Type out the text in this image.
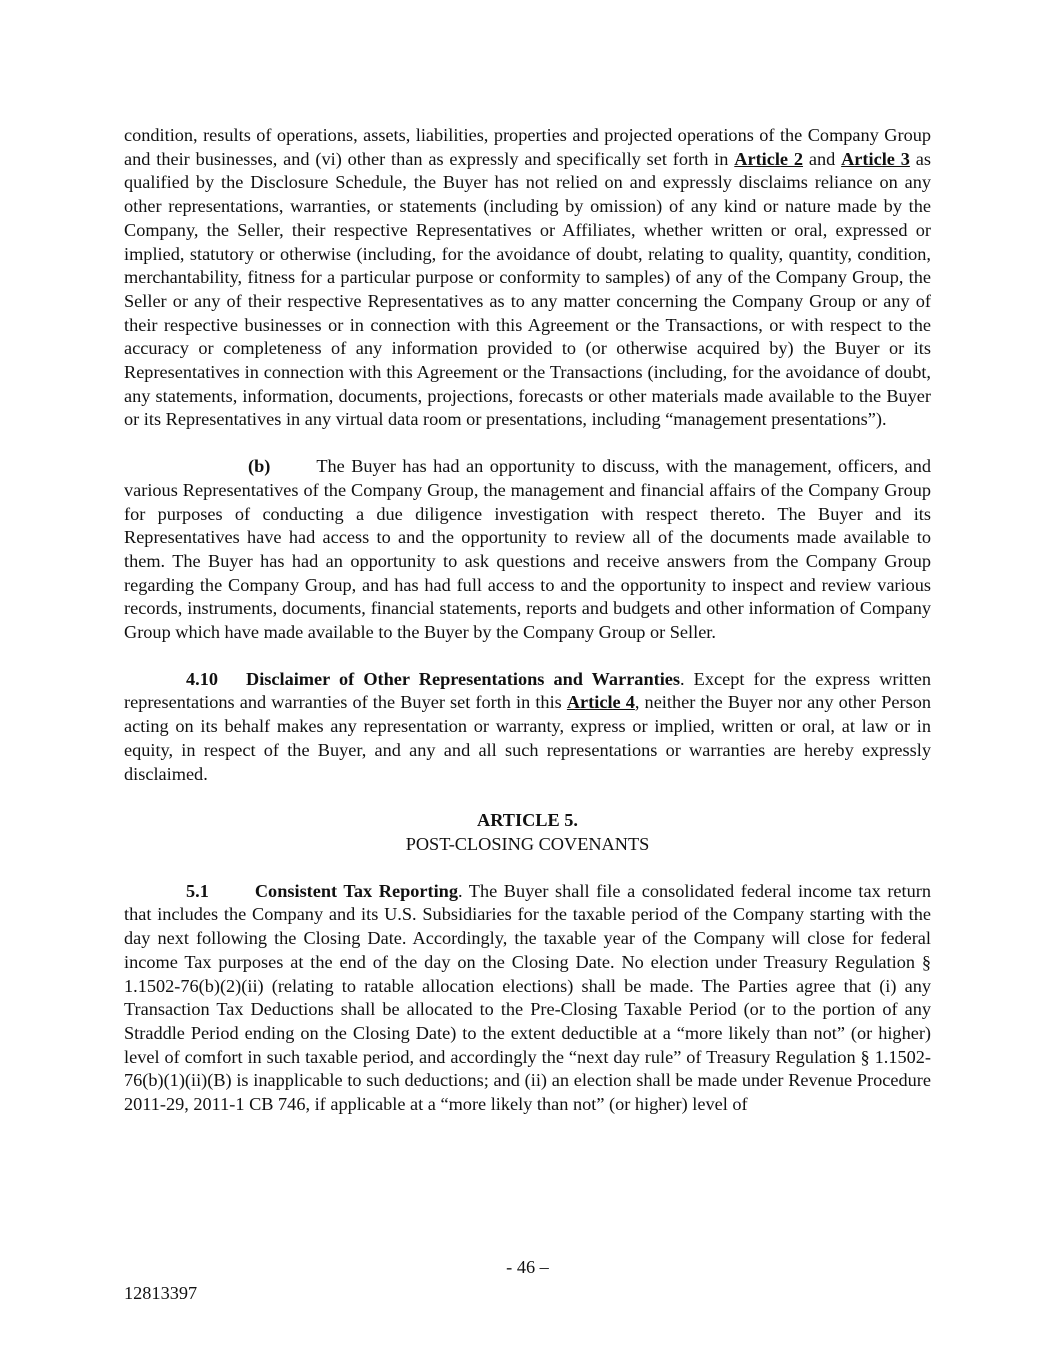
condition, results of operations, assets, liabilities, properties and projected operations of the Company Group and their businesses, and (vi) other than as expressly and specifically set forth in Article 2 and Article 3 as qualified by the Disclosure Schedule, the Buyer has not relied on and expressly disclaims reliance on any other representations, warranties, or statements (including by omission) of any kind or nature made by the Company, the Seller, their respective Representatives or Affiliates, whether written or oral, expressed or implied, statutory or otherwise (including, for the avoidance of doubt, relating to quality, quantity, condition, merchantability, fitness for a particular purpose or conformity to samples) of any of the Company Group, the Seller or any of their respective Representatives as to any matter concerning the Company Group or any of their respective businesses or in connection with this Agreement or the Transactions, or with respect to the accuracy or completeness of any information provided to (or otherwise acquired by) the Buyer or its Representatives in connection with this Agreement or the Transactions (including, for the avoidance of doubt, any statements, information, documents, projections, forecasts or other materials made available to the Buyer or its Representatives in any virtual data room or presentations, including “management presentations”).

(b)	The Buyer has had an opportunity to discuss, with the management, officers, and various Representatives of the Company Group, the management and financial affairs of the Company Group for purposes of conducting a due diligence investigation with respect thereto. The Buyer and its Representatives have had access to and the opportunity to review all of the documents made available to them. The Buyer has had an opportunity to ask questions and receive answers from the Company Group regarding the Company Group, and has had full access to and the opportunity to inspect and review various records, instruments, documents, financial statements, reports and budgets and other information of Company Group which have made available to the Buyer by the Company Group or Seller.

4.10 Disclaimer of Other Representations and Warranties. Except for the express written representations and warranties of the Buyer set forth in this Article 4, neither the Buyer nor any other Person acting on its behalf makes any representation or warranty, express or implied, written or oral, at law or in equity, in respect of the Buyer, and any and all such representations or warranties are hereby expressly disclaimed.

ARTICLE 5.

POST-CLOSING COVENANTS

5.1	Consistent Tax Reporting. The Buyer shall file a consolidated federal income tax return that includes the Company and its U.S. Subsidiaries for the taxable period of the Company starting with the day next following the Closing Date. Accordingly, the taxable year of the Company will close for federal income Tax purposes at the end of the day on the Closing Date. No election under Treasury Regulation § 1.1502-76(b)(2)(ii) (relating to ratable allocation elections) shall be made. The Parties agree that (i) any Transaction Tax Deductions shall be allocated to the Pre-Closing Taxable Period (or to the portion of any Straddle Period ending on the Closing Date) to the extent deductible at a “more likely than not” (or higher) level of comfort in such taxable period, and accordingly the “next day rule” of Treasury Regulation § 1.1502-76(b)(1)(ii)(B) is inapplicable to such deductions; and (ii) an election shall be made under Revenue Procedure 2011-29, 2011-1 CB 746, if applicable at a “more likely than not” (or higher) level of

- 46 –
12813397
